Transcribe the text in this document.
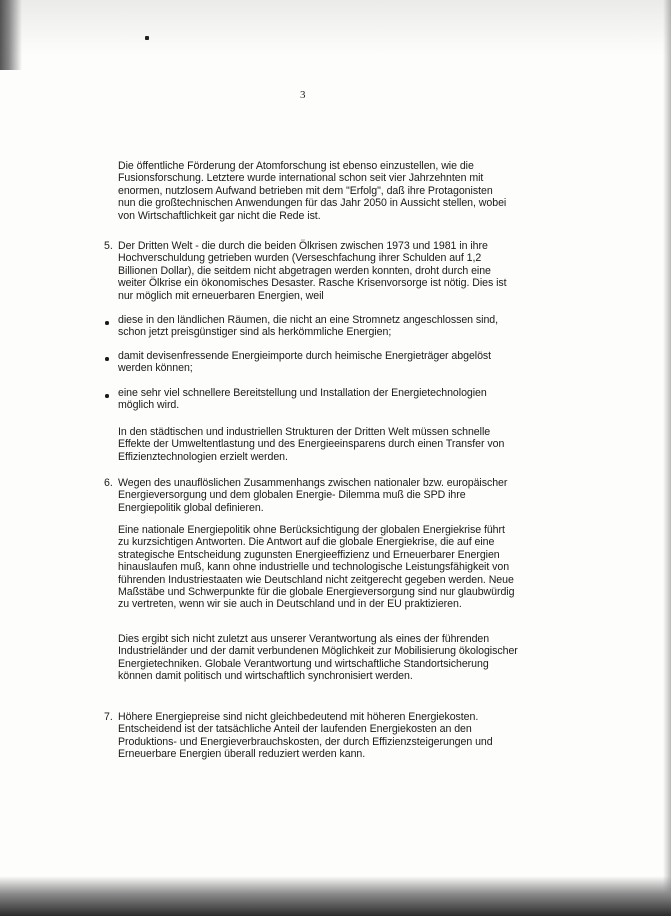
3

Die öffentliche Förderung der Atomforschung ist ebenso einzustellen, wie die Fusionsforschung. Letztere wurde international schon seit vier Jahrzehnten mit enormen, nutzlosem Aufwand betrieben mit dem "Erfolg", daß ihre Protagonisten nun die großtechnischen Anwendungen für das Jahr 2050 in Aussicht stellen, wobei von Wirtschaftlichkeit gar nicht die Rede ist.

5. Der Dritten Welt - die durch die beiden Ölkrisen zwischen 1973 und 1981 in ihre Hochverschuldung getrieben wurden (Verseschfachung ihrer Schulden auf 1,2 Billionen Dollar), die seitdem nicht abgetragen werden konnten, droht durch eine weiter Ölkrise ein ökonomisches Desaster. Rasche Krisenvorsorge ist nötig. Dies ist nur möglich mit erneuerbaren Energien, weil

diese in den ländlichen Räumen, die nicht an eine Stromnetz angeschlossen sind, schon jetzt preisgünstiger sind als herkömmliche Energien;

damit devisenfressende Energieimporte durch heimische Energieträger abgelöst werden können;

eine sehr viel schnellere Bereitstellung und Installation der Energietechnologien möglich wird.

In den städtischen und industriellen Strukturen der Dritten Welt müssen schnelle Effekte der Umweltentlastung und des Energieeinsparens durch einen Transfer von Effizienztechnologien erzielt werden.

6. Wegen des unauflöslichen Zusammenhangs zwischen nationaler bzw. europäischer Energieversorgung und dem globalen Energie- Dilemma muß die SPD ihre Energiepolitik global definieren.

Eine nationale Energiepolitik ohne Berücksichtigung der globalen Energiekrise führt zu kurzsichtigen Antworten. Die Antwort auf die globale Energiekrise, die auf eine strategische Entscheidung zugunsten Energieeffizienz und Erneuerbarer Energien hinauslaufen muß, kann ohne industrielle und technologische Leistungsfähigkeit von führenden Industriestaaten wie Deutschland nicht zeitgerecht gegeben werden. Neue Maßstäbe und Schwerpunkte für die globale Energieversorgung sind nur glaubwürdig zu vertreten, wenn wir sie auch in Deutschland und in der EU praktizieren.

Dies ergibt sich nicht zuletzt aus unserer Verantwortung als eines der führenden Industrieländer und der damit verbundenen Möglichkeit zur Mobilisierung ökologischer Energietechniken. Globale Verantwortung und wirtschaftliche Standortsicherung können damit politisch und wirtschaftlich synchronisiert werden.

7. Höhere Energiepreise sind nicht gleichbedeutend mit höheren Energiekosten. Entscheidend ist der tatsächliche Anteil der laufenden Energiekosten an den Produktions- und Energieverbrauchskosten, der durch Effizienzsteigerungen und Erneuerbare Energien überall reduziert werden kann.
